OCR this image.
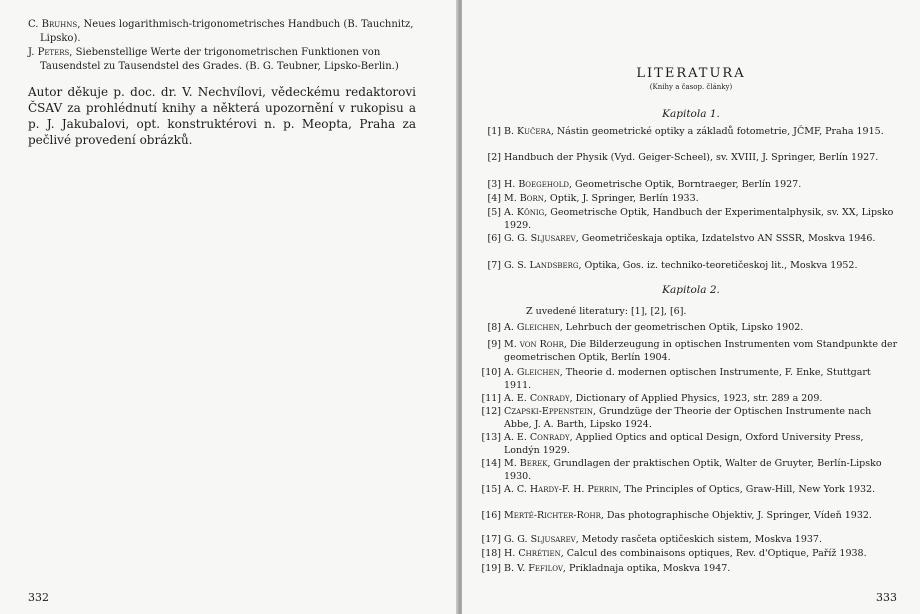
C. Bruhns, Neues logarithmisch-trigonometrisches Handbuch (B. Tauchnitz, Lipsko).

J. Peters, Siebenstellige Werte der trigonometrischen Funktionen von Tausendstel zu Tausendstel des Grades. (B. G. Teubner, Lipsko-Berlin.)

Autor děkuje p. doc. dr. V. Nechvílovi, vědeckému redaktorovi ČSAV za prohlédnutí knihy a některá upozornění v rukopisu a p. J. Jakubalovi, opt. konstruktérovi n. p. Meopta, Praha za pečlivé provedení obrázků.

332

LITERATURA

(Knihy a časop. články)

Kapitola 1.

[1] B. Kučera, Nástin geometrické optiky a základů fotometrie, JČMF, Praha 1915.

[2] Handbuch der Physik (Vyd. Geiger-Scheel), sv. XVIII, J. Springer, Berlín 1927.

[3] H. Boegehold, Geometrische Optik, Borntraeger, Berlín 1927.

[4] M. Born, Optik, J. Springer, Berlín 1933.

[5] A. König, Geometrische Optik, Handbuch der Experimentalphysik, sv. XX, Lipsko 1929.

[6] G. G. Sljusarev, Geometričeskaja optika, Izdatelstvo AN SSSR, Moskva 1946.

[7] G. S. Landsberg, Optika, Gos. iz. techniko-teoretičeskoj lit., Moskva 1952.

Kapitola 2.

Z uvedené literatury: [1], [2], [6].

[8] A. Gleichen, Lehrbuch der geometrischen Optik, Lipsko 1902.

[9] M. von Rohr, Die Bilderzeugung in optischen Instrumenten vom Standpunkte der geometrischen Optik, Berlín 1904.

[10] A. Gleichen, Theorie d. modernen optischen Instrumente, F. Enke, Stuttgart 1911.

[11] A. E. Conrady, Dictionary of Applied Physics, 1923, str. 289 a 209.

[12] Czapski-Eppenstein, Grundzüge der Theorie der Optischen Instrumente nach Abbe, J. A. Barth, Lipsko 1924.

[13] A. E. Conrady, Applied Optics and optical Design, Oxford University Press, Londýn 1929.

[14] M. Berek, Grundlagen der praktischen Optik, Walter de Gruyter, Berlín-Lipsko 1930.

[15] A. C. Hardy-F. H. Perrin, The Principles of Optics, Graw-Hill, New York 1932.

[16] Merté-Richter-Rohr, Das photographische Objektiv, J. Springer, Vídeň 1932.

[17] G. G. Sljusarev, Metody rasčeta optičeskich sistem, Moskva 1937.

[18] H. Chrétien, Calcul des combinaisons optiques, Rev. d'Optique, Paříž 1938.

[19] B. V. Fefilov, Prikladnaja optika, Moskva 1947.

333
